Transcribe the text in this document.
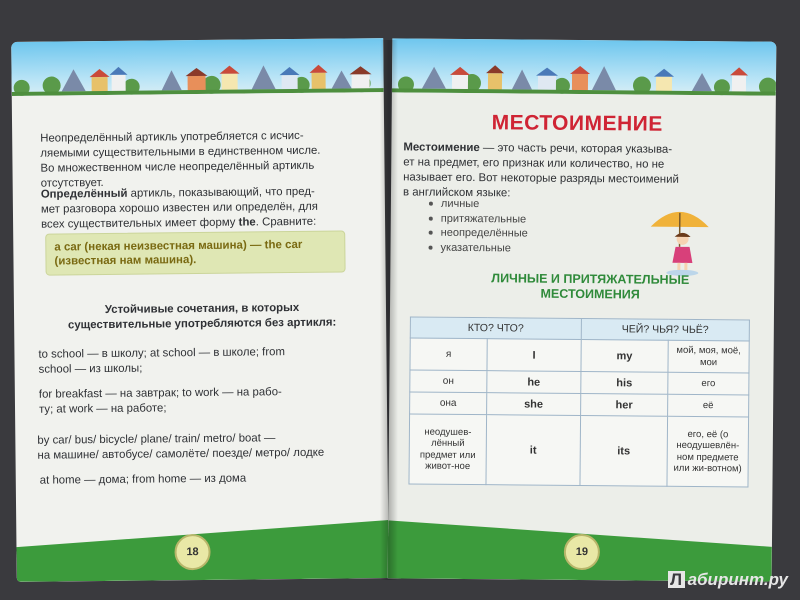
Неопределённый артикль употребляется с исчис-
ляемыми существительными в единственном числе.
Во множественном числе неопределённый артикль
отсутствует.
Определённый артикль, показывающий, что пред-
мет разговора хорошо известен или определён, для
всех существительных имеет форму the. Сравните:
a car (некая неизвестная машина) — the car
(известная нам машина).
Устойчивые сочетания, в которых
существительные употребляются без артикля:
to school — в школу; at school — в школе; from
school — из школы;
for breakfast — на завтрак; to work — на рабо-
ту; at work — на работе;
by car/ bus/ bicycle/ plane/ train/ metro/ boat —
на машине/ автобусе/ самолёте/ поезде/ метро/ лодке
at home — дома; from home — из дома
18
МЕСТОИМЕНИЕ
Местоимение — это часть речи, которая указыва-
ет на предмет, его признак или количество, но не
называет его. Вот некоторые разряды местоимений
в английском языке:
личные
притяжательные
неопределённые
указательные
ЛИЧНЫЕ И ПРИТЯЖАТЕЛЬНЫЕ
МЕСТОИМЕНИЯ
КТО? ЧТО?		ЧЕЙ? ЧЬЯ? ЧЬЁ?	
я	I	my	мой, моя, моё, мои
он	he	his	его
она	she	her	её
неодушев-лённый предмет или живот-ное	it	its	его, её (о неодушевлён-ном предмете или жи-вотном)
19
Л абиринт.ру
